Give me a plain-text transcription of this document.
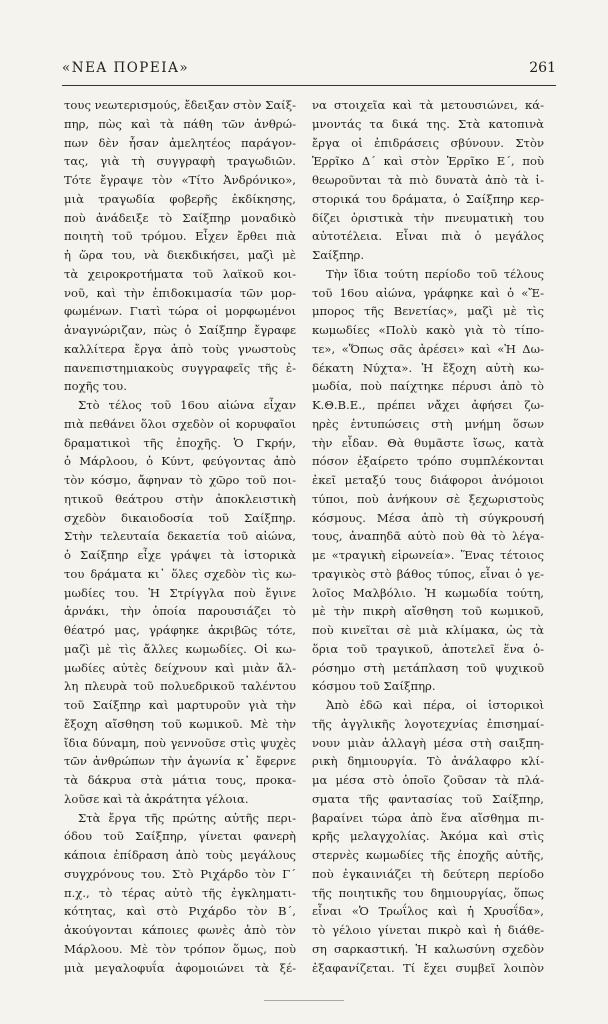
«ΝΕΑ ΠΟΡΕΙΑ»	261
τους νεωτερισμούς, ἔδειξαν στὸν Σαίξ-
πηρ, πὼς καὶ τὰ πάθη τῶν ἀνθρώ-
πων δὲν ἦσαν ἀμελητέος παράγον-
τας, γιὰ τὴ συγγραφὴ τραγωδιῶν.
Τότε ἔγραψε τὸν «Τίτο Ἀνδρόνικο»,
μιὰ τραγωδία φοβερῆς ἐκδίκησης,
ποὺ ἀνάδειξε τὸ Σαίξπηρ μοναδικὸ
ποιητὴ τοῦ τρόμου. Εἶχεν ἔρθει πιὰ
ἡ ὥρα του, νὰ διεκδικήσει, μαζὶ μὲ
τὰ χειροκροτήματα τοῦ λαϊκοῦ κοι-
νοῦ, καὶ τὴν ἐπιδοκιμασία τῶν μορ-
φωμένων. Γιατὶ τώρα οἱ μορφωμένοι
ἀναγνώριζαν, πὼς ὁ Σαίξπηρ ἔγραφε
καλλίτερα ἔργα ἀπὸ τοὺς γνωστοὺς
πανεπιστημιακοὺς συγγραφεῖς τῆς ἐ-
ποχῆς του.
Στὸ τέλος τοῦ 16ου αἰώνα εἶχαν
πιὰ πεθάνει ὅλοι σχεδὸν οἱ κορυφαῖοι
δραματικοὶ τῆς ἐποχῆς. Ὁ Γκρήν,
ὁ Μάρλοου, ὁ Κύντ, φεύγοντας ἀπὸ
τὸν κόσμο, ἄφηναν τὸ χῶρο τοῦ ποι-
ητικοῦ θεάτρου στὴν ἀποκλειστικὴ
σχεδὸν δικαιοδοσία τοῦ Σαίξπηρ.
Στὴν τελευταία δεκαετία τοῦ αἰώνα,
ὁ Σαίξπηρ εἶχε γράψει τὰ ἱστορικὰ
του δράματα κι᾿ ὅλες σχεδὸν τὶς κω-
μωδίες του. Ἡ Στρίγγλα ποὺ ἔγινε
ἀρνάκι, τὴν ὁποία παρουσιάζει τὸ
θέατρό μας, γράφηκε ἀκριβῶς τότε,
μαζὶ μὲ τὶς ἄλλες κωμωδίες. Οἱ κω-
μωδίες αὐτὲς δείχνουν καὶ μιὰν ἄλ-
λη πλευρὰ τοῦ πολυεδρικοῦ ταλέντου
τοῦ Σαίξπηρ καὶ μαρτυροῦν γιὰ τὴν
ἔξοχη αἴσθηση τοῦ κωμικοῦ. Μὲ τὴν
ἴδια δύναμη, ποὺ γεννοῦσε στὶς ψυχὲς
τῶν ἀνθρώπων τὴν ἀγωνία κ᾿ ἔφερνε
τὰ δάκρυα στὰ μάτια τους, προκα-
λοῦσε καὶ τὰ ἀκράτητα γέλοια.
Στὰ ἔργα τῆς πρώτης αὐτῆς περι-
όδου τοῦ Σαίξπηρ, γίνεται φανερὴ
κάποια ἐπίδραση ἀπὸ τοὺς μεγάλους
συγχρόνους του. Στὸ Ριχάρδο τὸν Γ´
π.χ., τὸ τέρας αὐτὸ τῆς ἐγκληματι-
κότητας, καὶ στὸ Ριχάρδο τὸν Β´,
ἀκούγονται κάποιες φωνὲς ἀπὸ τὸν
Μάρλοου. Μὲ τὸν τρόπον ὅμως, ποὺ
μιὰ μεγαλοφυΐα ἀφομοιώνει τὰ ξέ-
να στοιχεῖα καὶ τὰ μετουσιώνει, κά-
μνοντάς τα δικά της. Στὰ κατοπινὰ
ἔργα οἱ ἐπιδράσεις σβύνουν. Στὸν
Ἑρρῖκο Δ´ καὶ στὸν Ἑρρῖκο Ε´, ποὺ
θεωροῦνται τὰ πιὸ δυνατὰ ἀπὸ τὰ ἱ-
στορικά του δράματα, ὁ Σαίξπηρ κερ-
δίζει ὁριστικὰ τὴν πνευματικὴ του
αὐτοτέλεια. Εἶναι πιὰ ὁ μεγάλος
Σαίξπηρ.
Τὴν ἴδια τούτη περίοδο τοῦ τέλους
τοῦ 16ου αἰώνα, γράφηκε καὶ ὁ «Ἔ-
μπορος τῆς Βενετίας», μαζὶ μὲ τὶς
κωμωδίες «Πολὺ κακὸ γιὰ τὸ τίπο-
τε», «Ὅπως σᾶς ἀρέσει» καὶ «Ἡ Δω-
δέκατη Νύχτα». Ἡ ἔξοχη αὐτὴ κω-
μωδία, ποὺ παίχτηκε πέρυσι ἀπὸ τὸ
Κ.Θ.Β.Ε., πρέπει νἄχει ἀφήσει ζω-
ηρὲς ἐντυπώσεις στὴ μνήμη ὅσων
τὴν εἶδαν. Θὰ θυμᾶστε ἴσως, κατὰ
πόσον ἐξαίρετο τρόπο συμπλέκονται
ἐκεῖ μεταξύ τους διάφοροι ἀνόμοιοι
τύποι, ποὺ ἀνήκουν σὲ ξεχωριστοὺς
κόσμους. Μέσα ἀπὸ τὴ σύγκρουσή
τους, ἀναπηδᾶ αὐτὸ ποὺ θὰ τὸ λέγα-
με «τραγικὴ εἰρωνεία». Ἕνας τέτοιος
τραγικὸς στὸ βάθος τύπος, εἶναι ὁ γε-
λοῖος Μαλβόλιο. Ἡ κωμωδία τούτη,
μὲ τὴν πικρὴ αἴσθηση τοῦ κωμικοῦ,
ποὺ κινεῖται σὲ μιὰ κλίμακα, ὡς τὰ
ὅρια τοῦ τραγικοῦ, ἀποτελεῖ ἕνα ὁ-
ρόσημο στὴ μετάπλαση τοῦ ψυχικοῦ
κόσμου τοῦ Σαίξπηρ.
Ἀπὸ ἐδῶ καὶ πέρα, οἱ ἱστορικοὶ
τῆς ἀγγλικῆς λογοτεχνίας ἐπισημαί-
νουν μιὰν ἀλλαγὴ μέσα στὴ σαιξπη-
ρικὴ δημιουργία. Τὸ ἀνάλαφρο κλί-
μα μέσα στὸ ὁποῖο ζοῦσαν τὰ πλά-
σματα τῆς φαντασίας τοῦ Σαίξπηρ,
βαραίνει τώρα ἀπὸ ἕνα αἴσθημα πι-
κρῆς μελαγχολίας. Ἀκόμα καὶ στὶς
στερνὲς κωμωδίες τῆς ἐποχῆς αὐτῆς,
ποὺ ἐγκαινιάζει τὴ δεύτερη περίοδο
τῆς ποιητικῆς του δημιουργίας, ὅπως
εἶναι «Ὁ Τρωΐλος καὶ ἡ Χρυσΐδα»,
τὸ γέλοιο γίνεται πικρὸ καὶ ἡ διάθε-
ση σαρκαστική. Ἡ καλωσύνη σχεδὸν
ἐξαφανίζεται. Τί ἔχει συμβεῖ λοιπὸν
